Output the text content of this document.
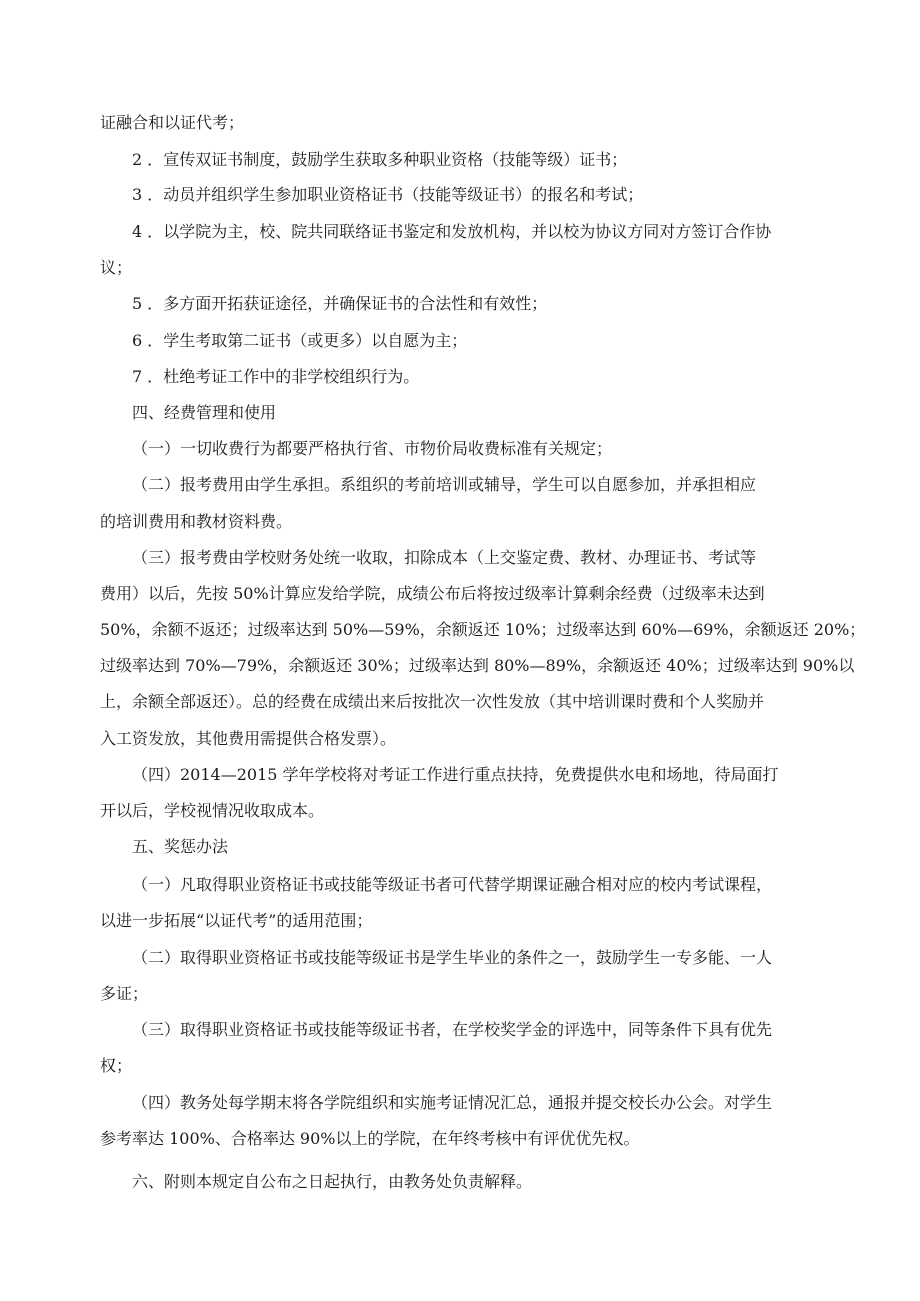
证融合和以证代考；
2 ．宣传双证书制度，鼓励学生获取多种职业资格（技能等级）证书；
3 ．动员并组织学生参加职业资格证书（技能等级证书）的报名和考试；
4 ．以学院为主，校、院共同联络证书鉴定和发放机构，并以校为协议方同对方签订合作协
议；
5 ．多方面开拓获证途径，并确保证书的合法性和有效性；
6 ．学生考取第二证书（或更多）以自愿为主；
7 ．杜绝考证工作中的非学校组织行为。
四、经费管理和使用
（一）一切收费行为都要严格执行省、市物价局收费标准有关规定；
（二）报考费用由学生承担。系组织的考前培训或辅导，学生可以自愿参加，并承担相应
的培训费用和教材资料费。
（三）报考费由学校财务处统一收取，扣除成本（上交鉴定费、教材、办理证书、考试等
费用）以后，先按 50%计算应发给学院，成绩公布后将按过级率计算剩余经费（过级率未达到
50%，余额不返还；过级率达到 50%—59%，余额返还 10%；过级率达到 60%—69%，余额返还 20%；
过级率达到 70%—79%，余额返还 30%；过级率达到 80%—89%，余额返还 40%；过级率达到 90%以
上，余额全部返还）。总的经费在成绩出来后按批次一次性发放（其中培训课时费和个人奖励并
入工资发放，其他费用需提供合格发票）。
（四）2014—2015 学年学校将对考证工作进行重点扶持，免费提供水电和场地，待局面打
开以后，学校视情况收取成本。
五、奖惩办法
（一）凡取得职业资格证书或技能等级证书者可代替学期课证融合相对应的校内考试课程，
以进一步拓展“以证代考”的适用范围；
（二）取得职业资格证书或技能等级证书是学生毕业的条件之一，鼓励学生一专多能、一人
多证；
（三）取得职业资格证书或技能等级证书者，在学校奖学金的评选中，同等条件下具有优先
权；
（四）教务处每学期末将各学院组织和实施考证情况汇总，通报并提交校长办公会。对学生
参考率达 100%、合格率达 90%以上的学院，在年终考核中有评优优先权。
六、附则本规定自公布之日起执行，由教务处负责解释。
